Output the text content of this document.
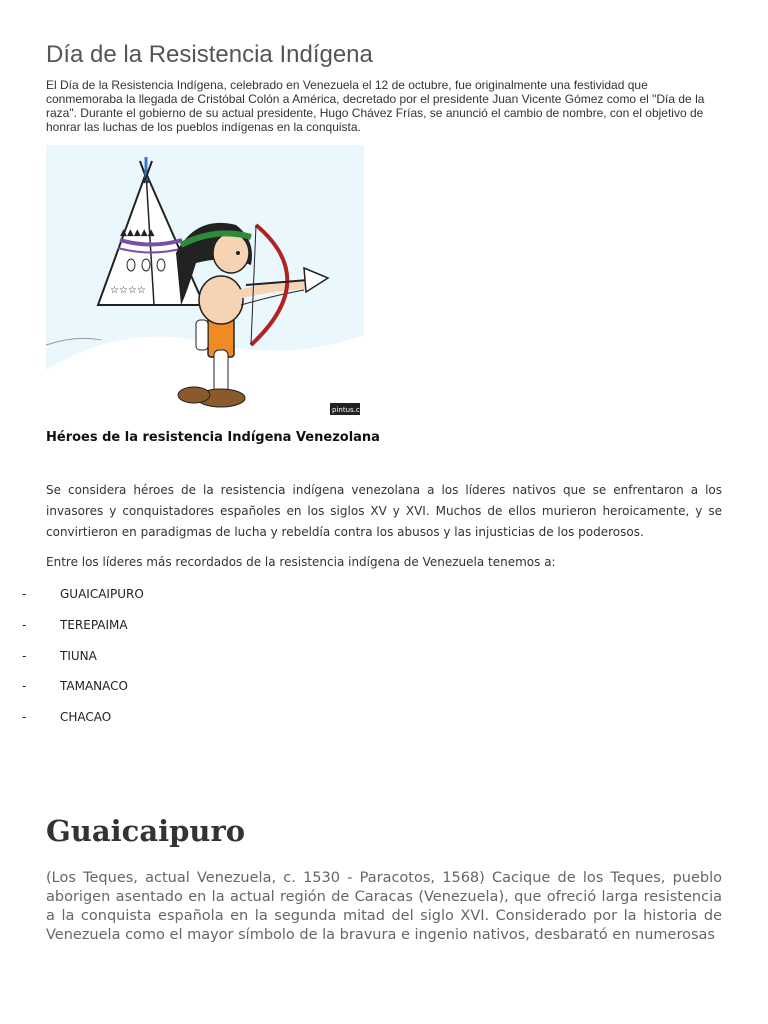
Día de la Resistencia Indígena

El Día de la Resistencia Indígena, celebrado en Venezuela el 12 de octubre, fue originalmente una festividad que conmemoraba la llegada de Cristóbal Colón a América, decretado por el presidente Juan Vicente Gómez como el "Día de la raza". Durante el gobierno de su actual presidente, Hugo Chávez Frías, se anunció el cambio de nombre, con el objetivo de honrar las luchas de los pueblos indígenas en la conquista.

▲▲▲▲▲
☆☆☆☆
pintus.com
Héroes de la resistencia Indígena Venezolana

Se considera héroes de la resistencia indígena venezolana a los líderes nativos que se enfrentaron a los invasores y conquistadores españoles en los siglos XV y XVI. Muchos de ellos murieron heroicamente, y se convirtieron en paradigmas de lucha y rebeldía contra los abusos y las injusticias de los poderosos.

Entre los líderes más recordados de la resistencia indígena de Venezuela tenemos a:

-	GUAICAIPURO
-	TEREPAIMA
-	TIUNA
-	TAMANACO
-	CHACAO
Guaicaipuro

(Los Teques, actual Venezuela, c. 1530 - Paracotos, 1568) Cacique de los Teques, pueblo aborigen asentado en la actual región de Caracas (Venezuela), que ofreció larga resistencia a la conquista española en la segunda mitad del siglo XVI. Considerado por la historia de Venezuela como el mayor símbolo de la bravura e ingenio nativos, desbarató en numerosas
